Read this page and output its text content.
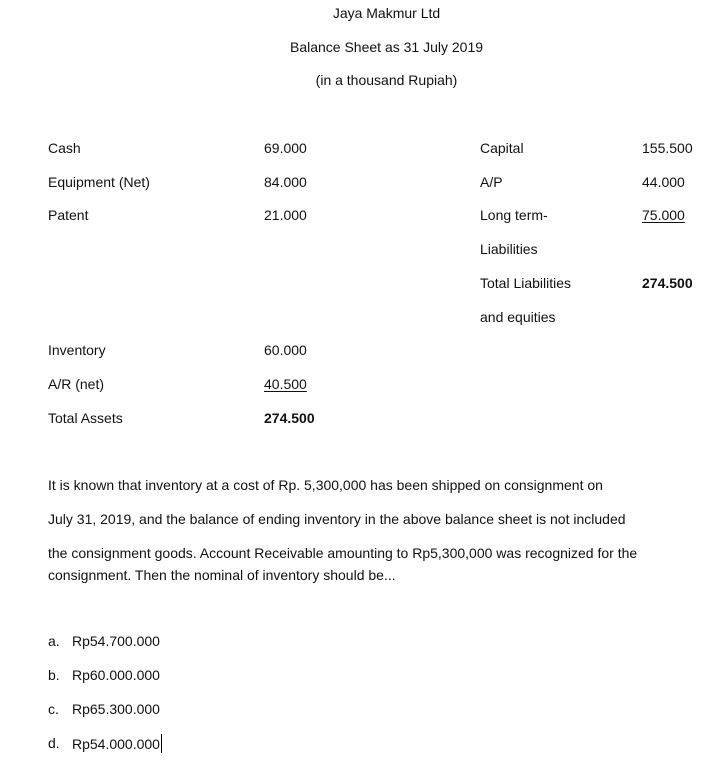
Jaya Makmur Ltd
Balance Sheet as 31 July 2019
(in a thousand Rupiah)
Cash	69.000
Equipment (Net)	84.000
Patent	21.000
Inventory	60.000
A/R (net)	40.500
Total Assets	274.500
Capital	155.500
A/P	44.000
Long term-	75.000
Liabilities
Total Liabilities	274.500
and equities
It is known that inventory at a cost of Rp. 5,300,000 has been shipped on consignment on
July 31, 2019, and the balance of ending inventory in the above balance sheet is not included
the consignment goods. Account Receivable amounting to Rp5,300,000 was recognized for the
consignment. Then the nominal of inventory should be...
a. Rp54.700.000
b. Rp60.000.000
c. Rp65.300.000
d. Rp54.000.000
